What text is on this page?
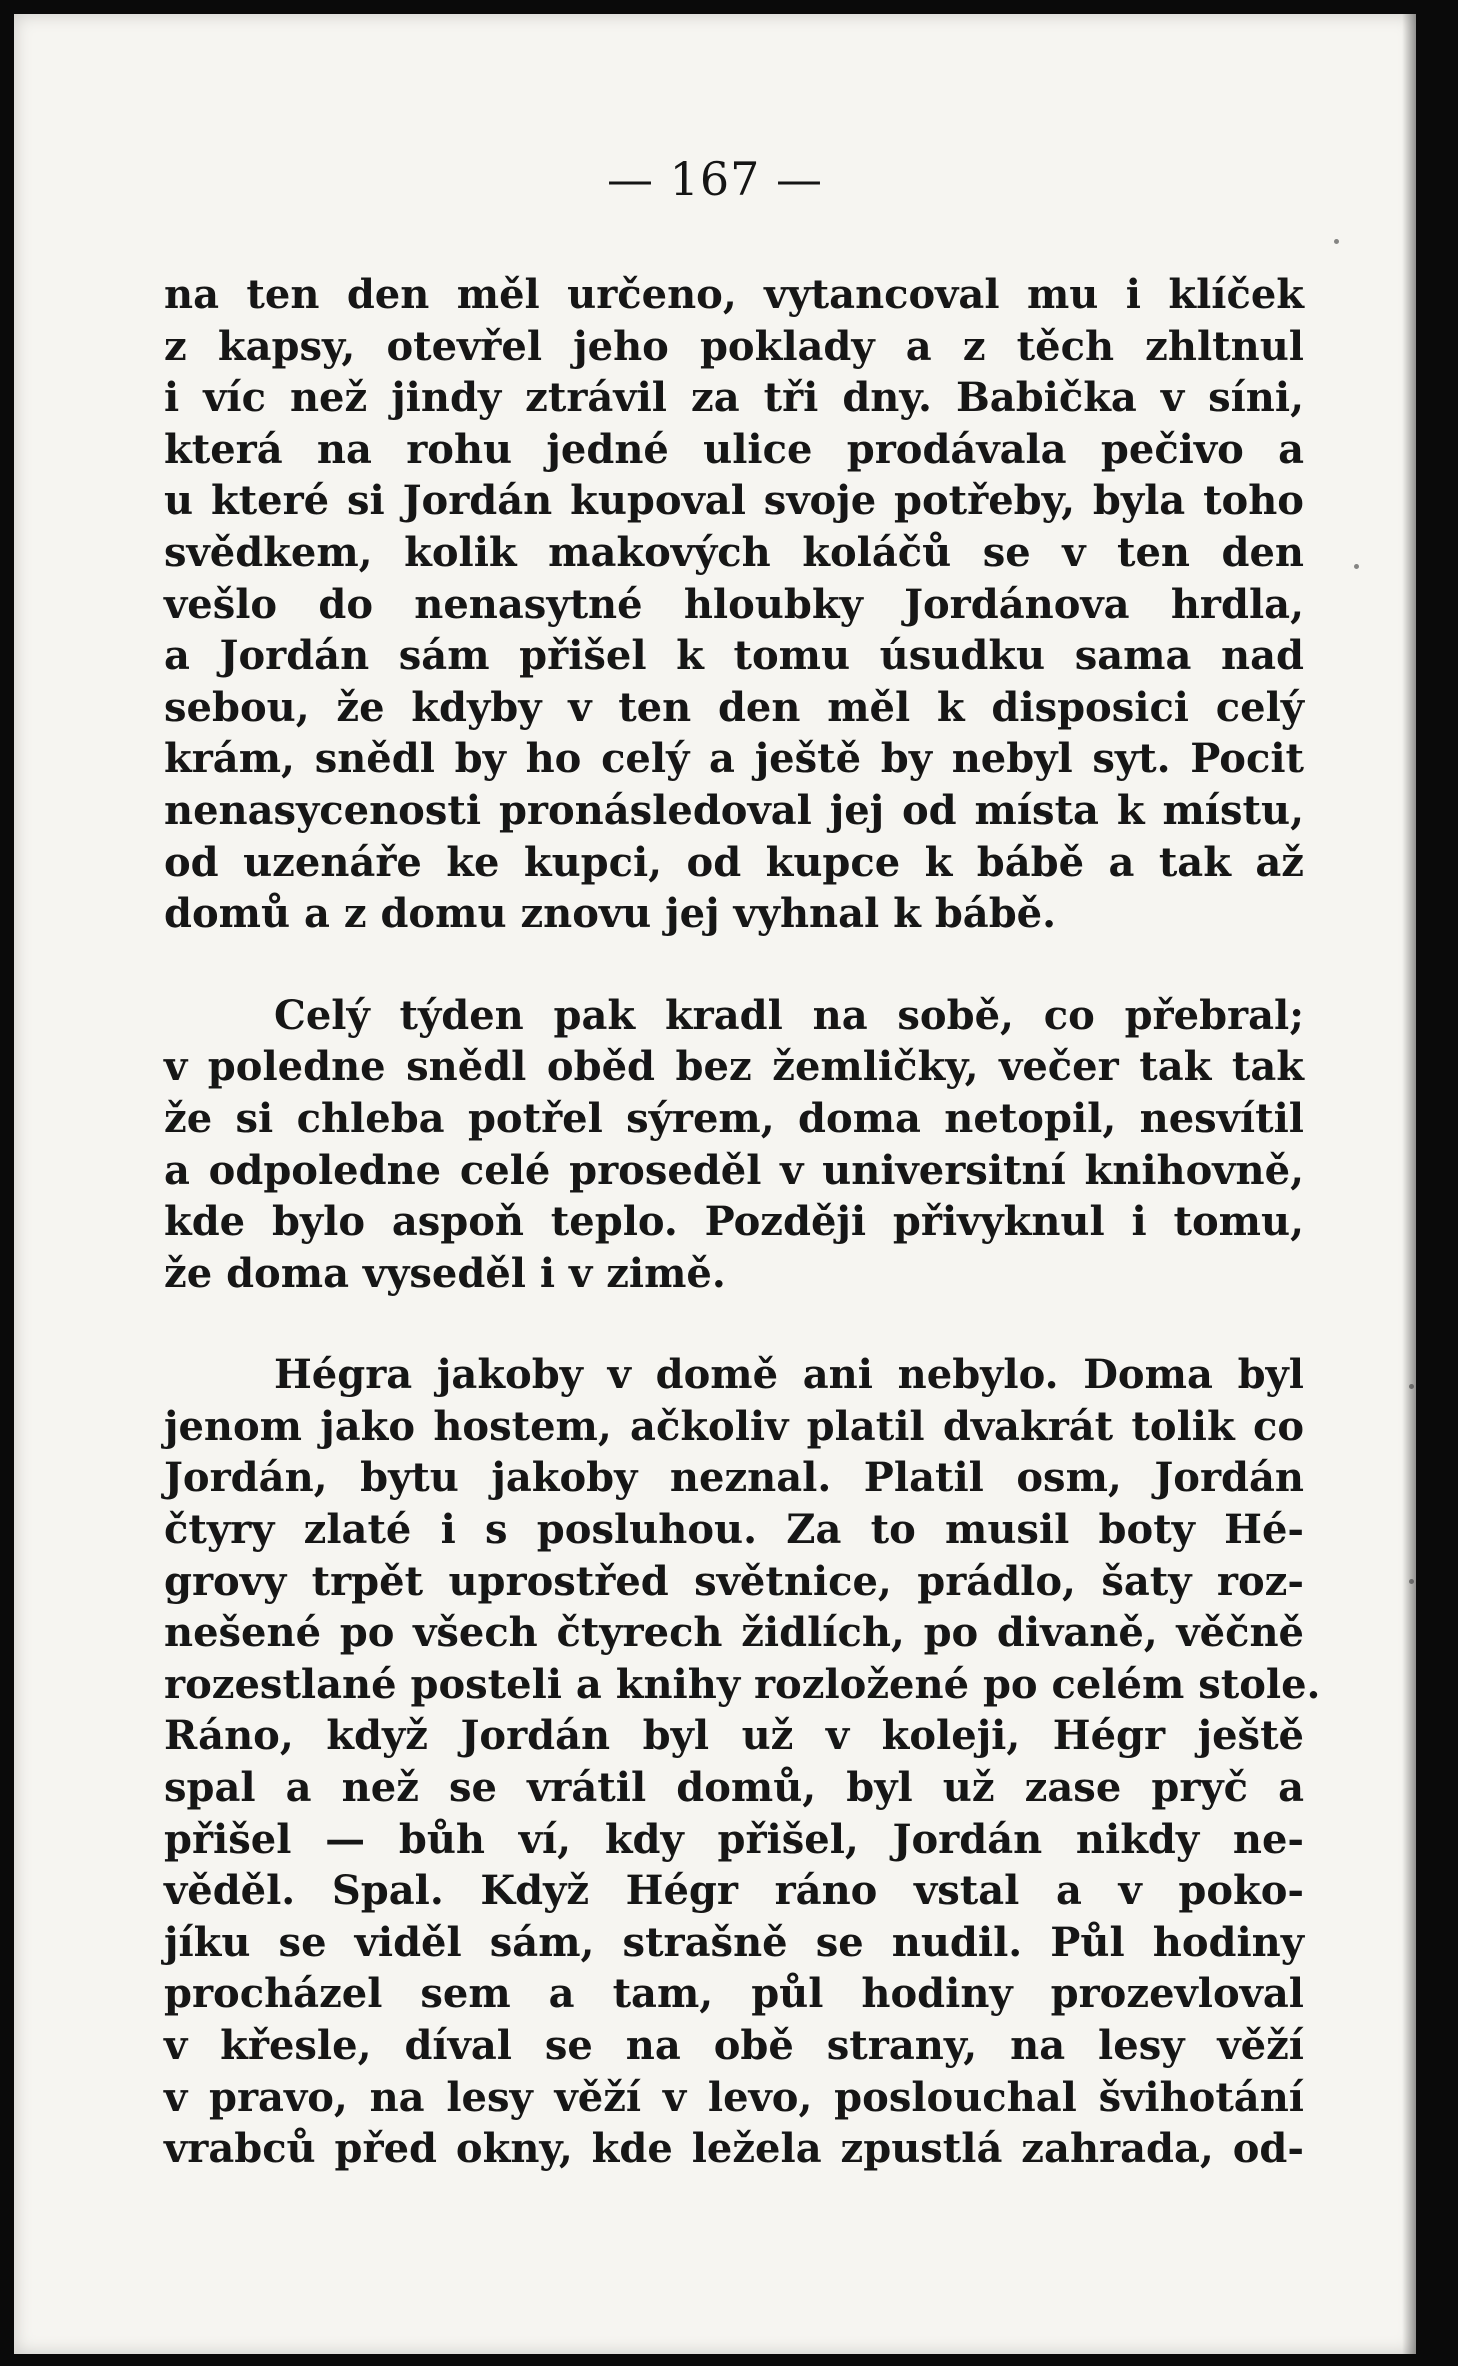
— 167 —

na ten den měl určeno, vytancoval mu i klíček
z kapsy, otevřel jeho poklady a z těch zhltnul
i víc než jindy ztrávil za tři dny. Babička v síni,
která na rohu jedné ulice prodávala pečivo a
u které si Jordán kupoval svoje potřeby, byla toho
svědkem, kolik makových koláčů se v ten den
vešlo do nenasytné hloubky Jordánova hrdla,
a Jordán sám přišel k tomu úsudku sama nad
sebou, že kdyby v ten den měl k disposici celý
krám, snědl by ho celý a ještě by nebyl syt. Pocit
nenasycenosti pronásledoval jej od místa k místu,
od uzenáře ke kupci, od kupce k bábě a tak až
domů a z domu znovu jej vyhnal k bábě.

Celý týden pak kradl na sobě, co přebral;
v poledne snědl oběd bez žemličky, večer tak tak
že si chleba potřel sýrem, doma netopil, nesvítil
a odpoledne celé proseděl v universitní knihovně,
kde bylo aspoň teplo. Později přivyknul i tomu,
že doma vyseděl i v zimě.

Hégra jakoby v domě ani nebylo. Doma byl
jenom jako hostem, ačkoliv platil dvakrát tolik co
Jordán, bytu jakoby neznal. Platil osm, Jordán
čtyry zlaté i s posluhou. Za to musil boty Hé-
grovy trpět uprostřed světnice, prádlo, šaty roz-
nešené po všech čtyrech židlích, po divaně, věčně
rozestlané posteli a knihy rozložené po celém stole.
Ráno, když Jordán byl už v koleji, Hégr ještě
spal a než se vrátil domů, byl už zase pryč a
přišel — bůh ví, kdy přišel, Jordán nikdy ne-
věděl. Spal. Když Hégr ráno vstal a v poko-
jíku se viděl sám, strašně se nudil. Půl hodiny
procházel sem a tam, půl hodiny prozevloval
v křesle, díval se na obě strany, na lesy věží
v pravo, na lesy věží v levo, poslouchal švihotání
vrabců před okny, kde ležela zpustlá zahrada, od-
